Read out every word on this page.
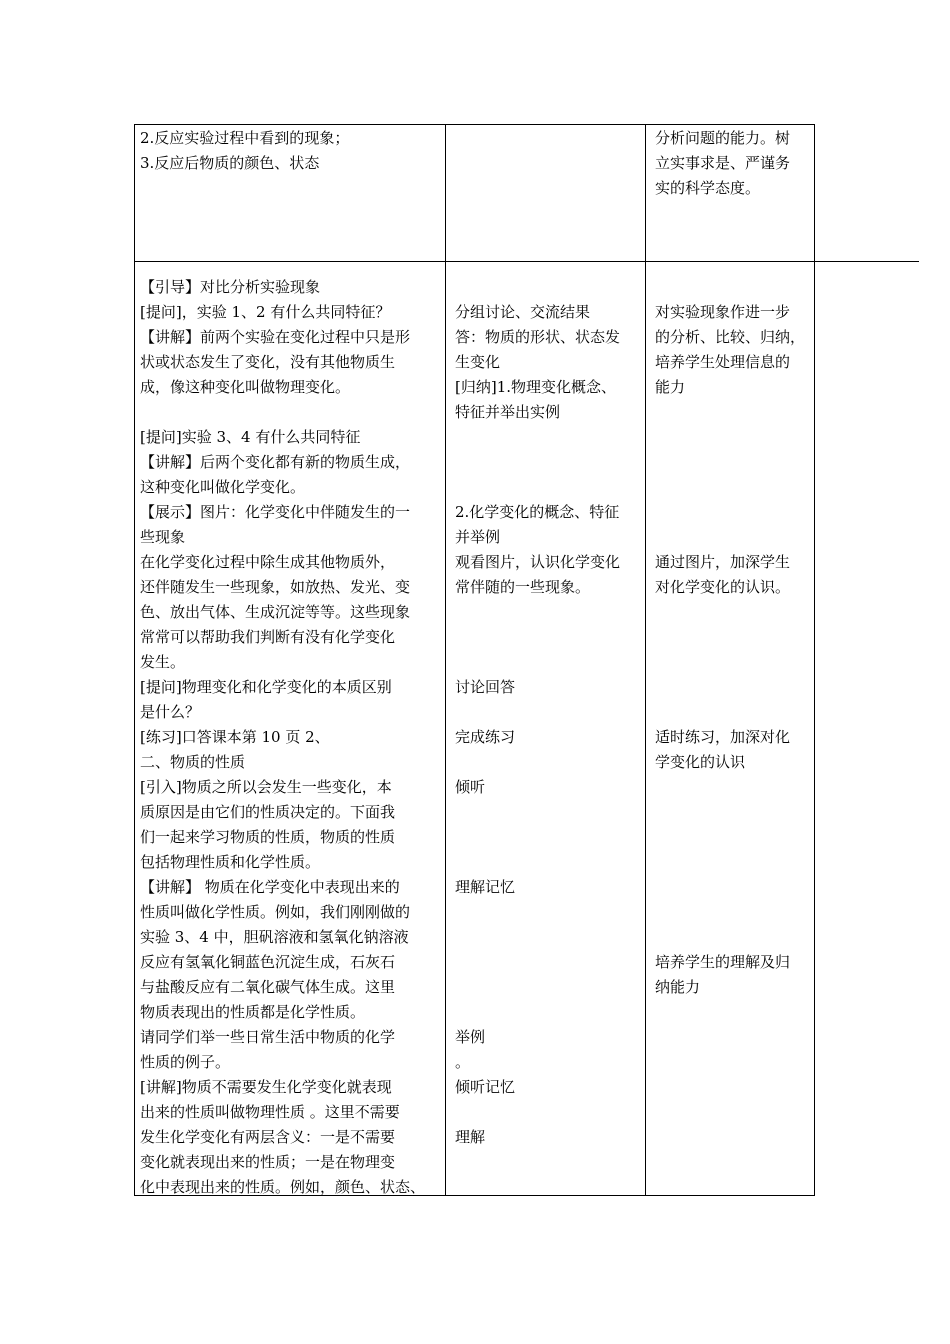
2.反应实验过程中看到的现象；

3.反应后物质的颜色、状态

分析问题的能力。树

立实事求是、严谨务

实的科学态度。

【引导】对比分析实验现象

[提问]，实验 1、2 有什么共同特征？

【讲解】前两个实验在变化过程中只是形

状或状态发生了变化，没有其他物质生

成，像这种变化叫做物理变化。

[提问]实验 3、4 有什么共同特征

【讲解】后两个变化都有新的物质生成，

这种变化叫做化学变化。

【展示】图片：化学变化中伴随发生的一

些现象

在化学变化过程中除生成其他物质外，

还伴随发生一些现象，如放热、发光、变

色、放出气体、生成沉淀等等。这些现象

常常可以帮助我们判断有没有化学变化

发生。

[提问]物理变化和化学变化的本质区别

是什么？

[练习]口答课本第 10 页 2、

二、物质的性质

[引入]物质之所以会发生一些变化，本

质原因是由它们的性质决定的。下面我

们一起来学习物质的性质，物质的性质

包括物理性质和化学性质。

【讲解】 物质在化学变化中表现出来的

性质叫做化学性质。例如，我们刚刚做的

实验 3、4 中，胆矾溶液和氢氧化钠溶液

反应有氢氧化铜蓝色沉淀生成，石灰石

与盐酸反应有二氧化碳气体生成。这里

物质表现出的性质都是化学性质。

请同学们举一些日常生活中物质的化学

性质的例子。

[讲解]物质不需要发生化学变化就表现

出来的性质叫做物理性质 。这里不需要

发生化学变化有两层含义：一是不需要

变化就表现出来的性质；一是在物理变

化中表现出来的性质。例如，颜色、状态、

分组讨论、交流结果

答：物质的形状、状态发

生变化

[归纳]1.物理变化概念、

特征并举出实例

2.化学变化的概念、特征

并举例

观看图片，认识化学变化

常伴随的一些现象。

讨论回答

完成练习

倾听

理解记忆

举例

。

倾听记忆

理解

对实验现象作进一步

的分析、比较、归纳，

培养学生处理信息的

能力

通过图片，加深学生

对化学变化的认识。

适时练习，加深对化

学变化的认识

培养学生的理解及归

纳能力
